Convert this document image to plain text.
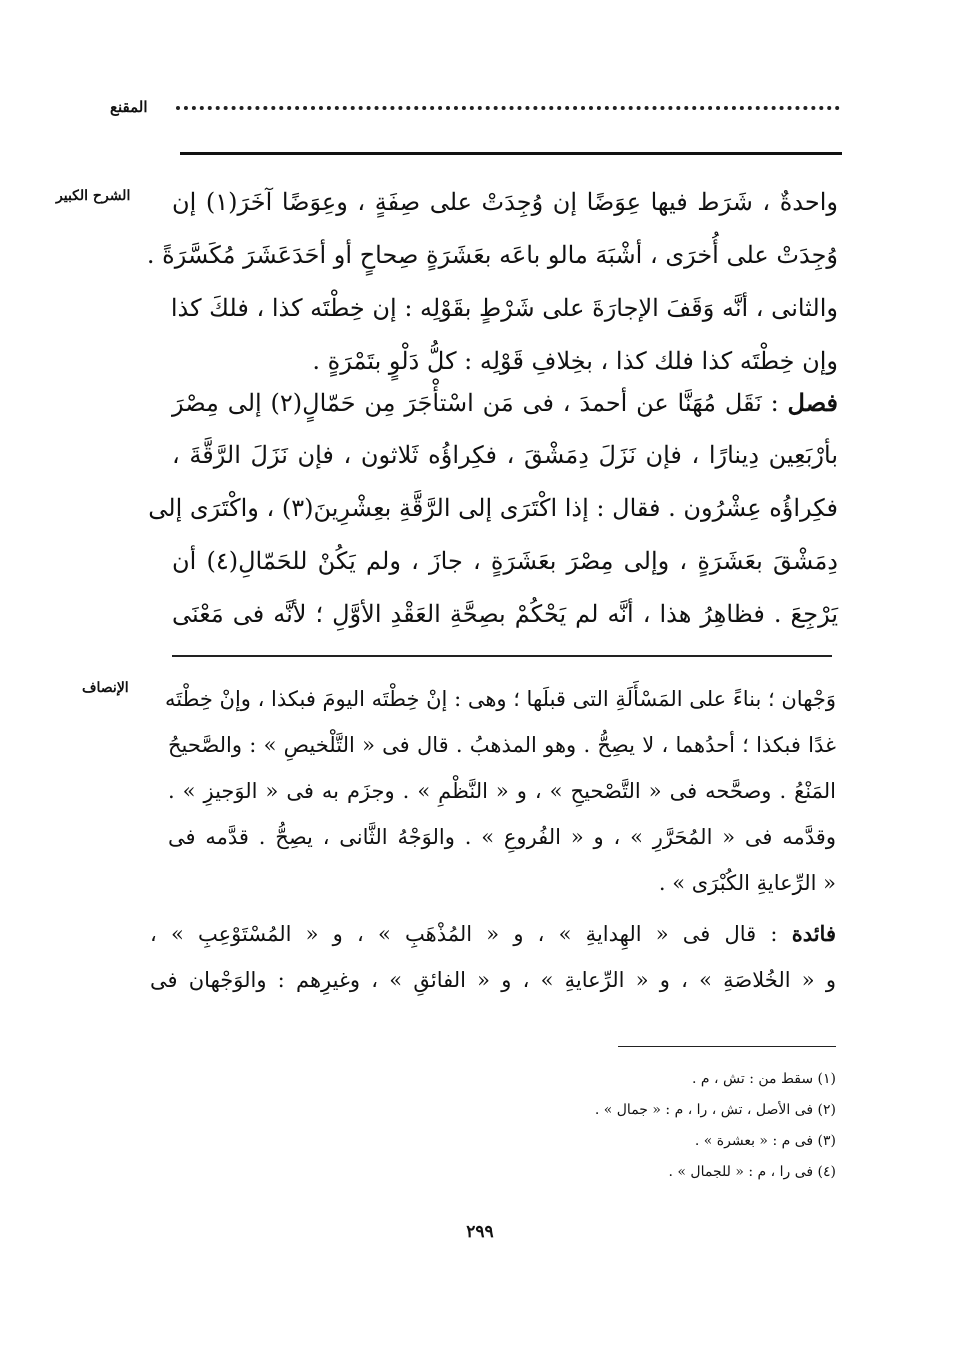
المقنع
الشرح الكبير واحدةٌ ، شَرَط فيها عِوَضًا إن وُجِدَتْ على صِفَةٍ ، وعِوَضًا آخَرَ(١) إن
وُجِدَتْ على أُخرَى ، أشْبَهَ مالو باعَه بعَشَرَةٍ صِحاحٍ أو أحَدَعَشَرَ مُكَسَّرَةً .
والثانى ، أنَّه وَقَفَ الإجارَةَ على شَرْطٍ بقَوْلِه : إن خِطْتَه كذا ، فلكَ كذا
وإن خِطْتَه كذا فلك كذا ، بخِلافِ قَوْلِه : كلُّ دَلْوٍ بتَمْرَةٍ .
فصل : نَقَل مُهَنَّا عن أحمدَ ، فى مَن اسْتأْجَرَ مِن حَمّالٍ(٢) إلى مِصْرَ
بأرْبَعِين دِينارًا ، فإن نَزَلَ دِمَشْقَ ، فكِراؤُه ثَلاثون ، فإن نَزَلَ الرَّقَّةَ ،
فكِراؤُه عِشْرُون . فقال : إذا اكْتَرَى إلى الرَّقَّةِ بعِشْرِينَ(٣) ، واكْتَرَى إلى
دِمَشْقَ بعَشَرَةٍ ، وإلى مِصْرَ بعَشَرَةٍ ، جازَ ، ولم يَكُنْ للحَمّالِ(٤) أن
يَرْجِعَ . فظاهِرُ هذا ، أنَّه لم يَحْكُمْ بصِحَّةِ العَقْدِ الأوَّلِ ؛ لأنَّه فى مَعْنَى
الإنصاف وَجْهان ؛ بناءً على المَسْأَلَةِ التى قبلَها ؛ وهى : إنْ خِطْتَه اليومَ فبكذا ، وإنْ خِطْتَه
غدًا فبكذا ؛ أحدُهما ، لا يصِحُّ . وهو المذهبُ . قال فى « التَّلْخيصِ » : والصَّحيحُ
المَنْعُ . وصحَّحه فى « التَّصْحيحِ » ، و « النَّظْمِ » . وجزَم به فى « الوَجيزِ » .
وقدَّمه فى « المُحَرَّرِ » ، و « الفُروعِ » . والوَجْهُ الثَّانى ، يصِحُّ . قدَّمه فى
« الرِّعايةِ الكُبْرَى » .
فائدة : قال فى « الهِدايةِ » ، و « المُذْهَبِ » ، و « المُسْتَوْعِبِ » ،
و « الخُلاصَةِ » ، و « الرِّعايةِ » ، و « الفائقِ » ، وغيرِهم : والوَجْهان فى
(١) سقط من : تش ، م .
(٢) فى الأصل ، تش ، را ، م : « جمال » .
(٣) فى م : « بعشرة » .
(٤) فى را ، م : « للجمال » .
٢٩٩
